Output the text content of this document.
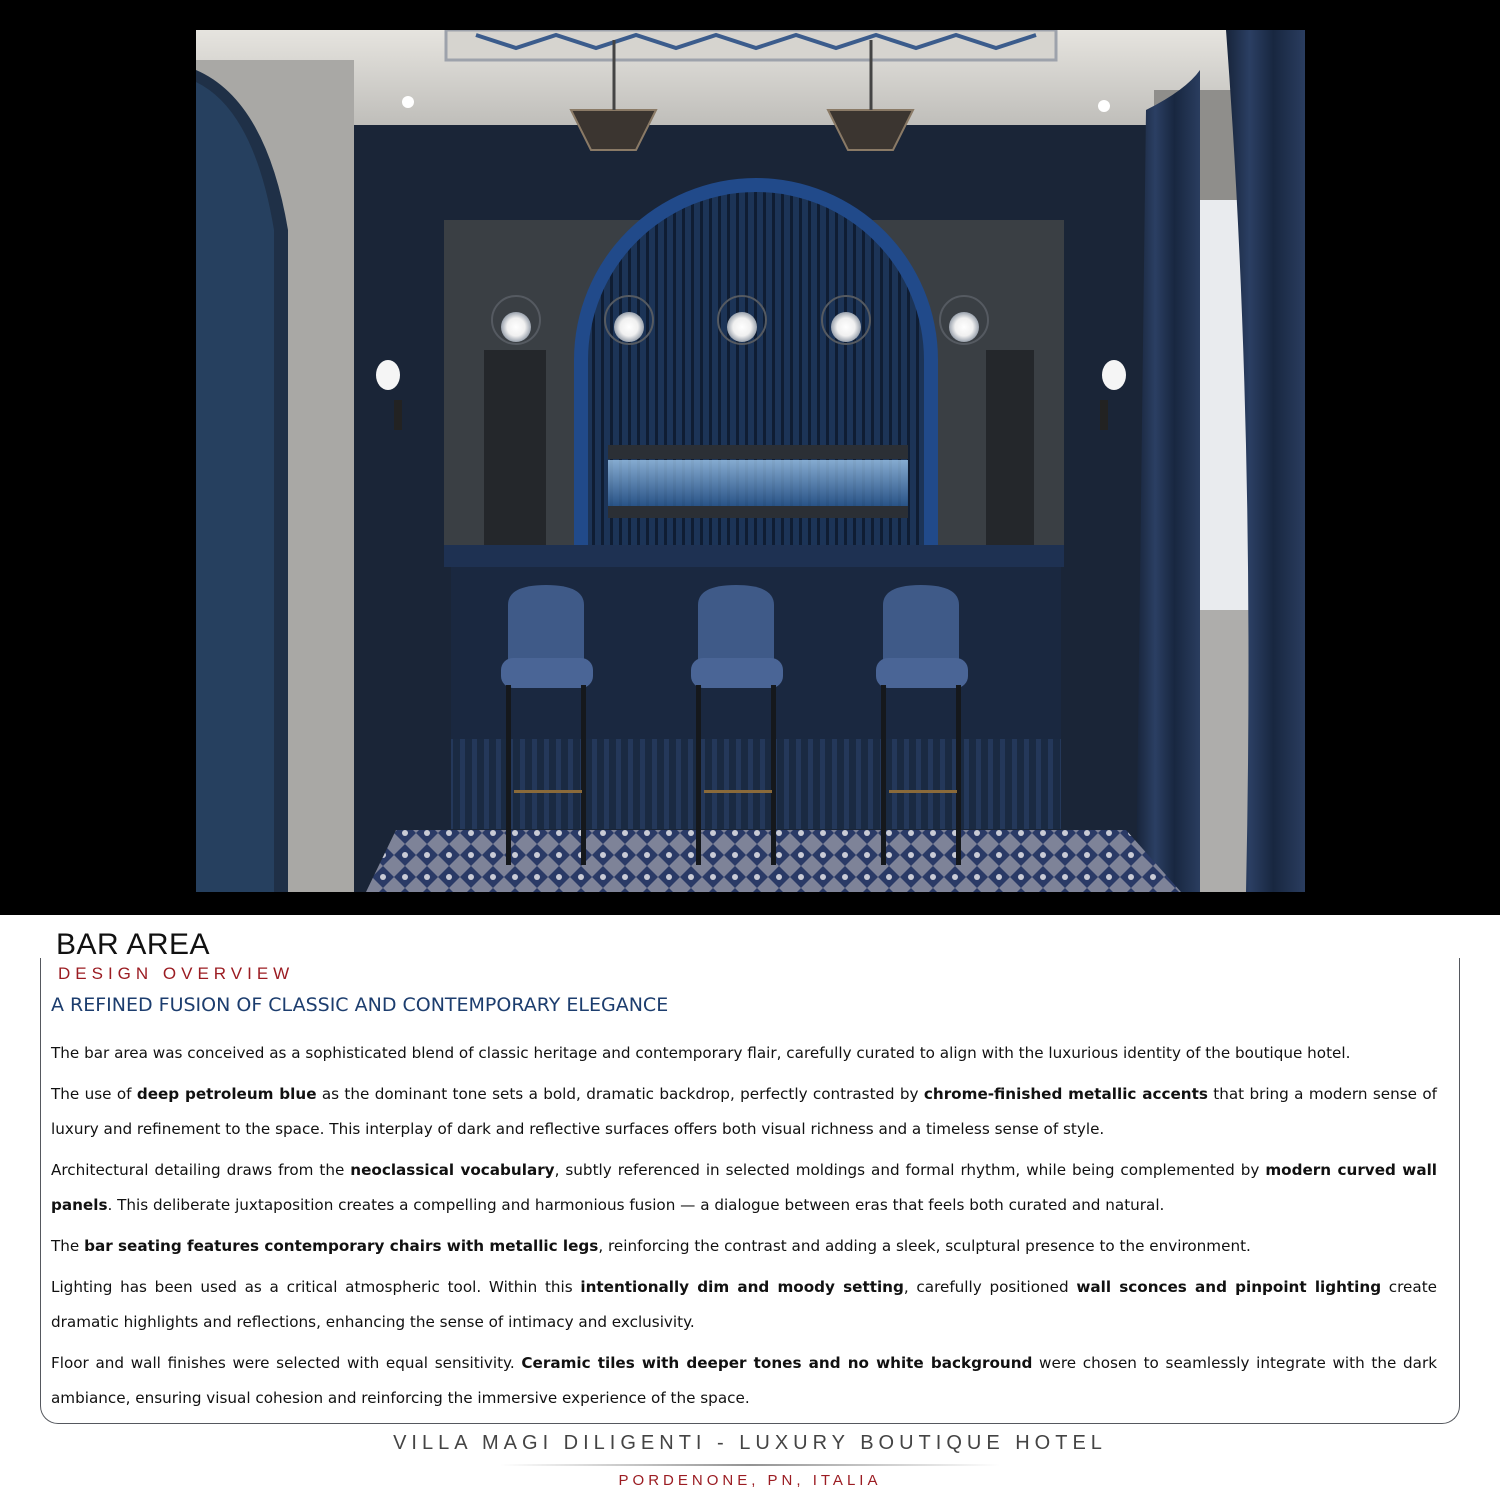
BAR AREA
DESIGN OVERVIEW
A REFINED FUSION OF CLASSIC AND CONTEMPORARY ELEGANCE

The bar area was conceived as a sophisticated blend of classic heritage and contemporary flair, carefully curated to align with the luxurious identity of the boutique hotel.

The use of deep petroleum blue as the dominant tone sets a bold, dramatic backdrop, perfectly contrasted by chrome-finished metallic accents that bring a modern sense of luxury and refinement to the space. This interplay of dark and reflective surfaces offers both visual richness and a timeless sense of style.

Architectural detailing draws from the neoclassical vocabulary, subtly referenced in selected moldings and formal rhythm, while being complemented by modern curved wall panels. This deliberate juxtaposition creates a compelling and harmonious fusion — a dialogue between eras that feels both curated and natural.

The bar seating features contemporary chairs with metallic legs, reinforcing the contrast and adding a sleek, sculptural presence to the environment.

Lighting has been used as a critical atmospheric tool. Within this intentionally dim and moody setting, carefully positioned wall sconces and pinpoint lighting create dramatic highlights and reflections, enhancing the sense of intimacy and exclusivity.

Floor and wall finishes were selected with equal sensitivity. Ceramic tiles with deeper tones and no white background were chosen to seamlessly integrate with the dark ambiance, ensuring visual cohesion and reinforcing the immersive experience of the space.

VILLA MAGI DILIGENTI - LUXURY BOUTIQUE HOTEL
PORDENONE, PN, ITALIA
